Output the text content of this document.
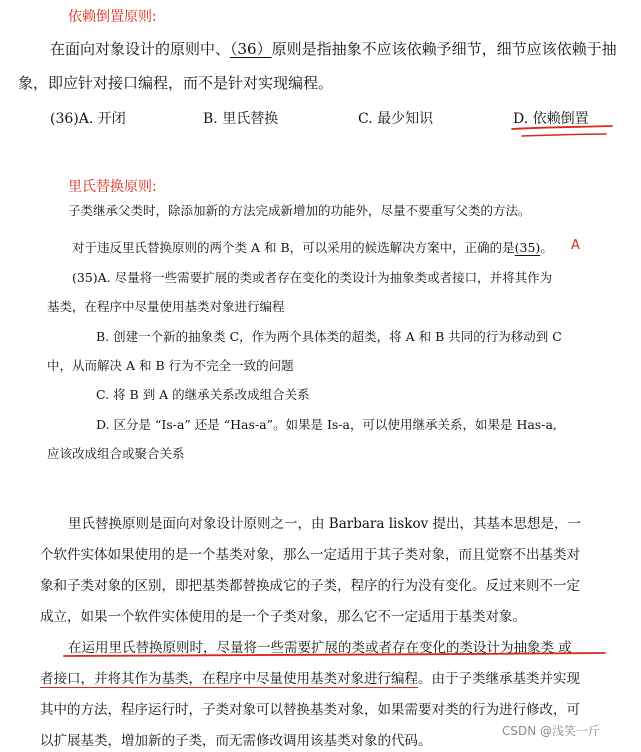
依赖倒置原则:
在面向对象设计的原则中、（36）原则是指抽象不应该依赖予细节，细节应该依赖于抽
象，即应针对接口编程，而不是针对实现编程。
(36)A. 开闭	B. 里氏替换	C. 最少知识	D. 依赖倒置
里氏替换原则:
子类继承父类时，除添加新的方法完成新增加的功能外，尽量不要重写父类的方法。
对于违反里氏替换原则的两个类 A 和 B，可以采用的候选解决方案中，正确的是(35)。 A
(35)A. 尽量将一些需要扩展的类或者存在变化的类设计为抽象类或者接口，并将其作为
基类，在程序中尽量使用基类对象进行编程
B. 创建一个新的抽象类 C，作为两个具体类的超类，将 A 和 B 共同的行为移动到 C
中，从而解决 A 和 B 行为不完全一致的问题
C. 将 B 到 A 的继承关系改成组合关系
D. 区分是 “Is-a” 还是 “Has-a”。如果是 Is-a，可以使用继承关系，如果是 Has-a,
应该改成组合或聚合关系
里氏替换原则是面向对象设计原则之一，由 Barbara liskov 提出，其基本思想是，一
个软件实体如果使用的是一个基类对象，那么一定适用于其子类对象，而且觉察不出基类对
象和子类对象的区别，即把基类都替换成它的子类，程序的行为没有变化。反过来则不一定
成立，如果一个软件实体使用的是一个子类对象，那么它不一定适用于基类对象。
在运用里氏替换原则时，尽量将一些需要扩展的类或者存在变化的类设计为抽象类 或
者接口，并将其作为基类，在程序中尽量使用基类对象进行编程。由于子类继承基类并实现
其中的方法，程序运行时，子类对象可以替换基类对象，如果需要对类的行为进行修改，可
以扩展基类，增加新的子类，而无需修改调用该基类对象的代码。
CSDN @浅笑一斤
